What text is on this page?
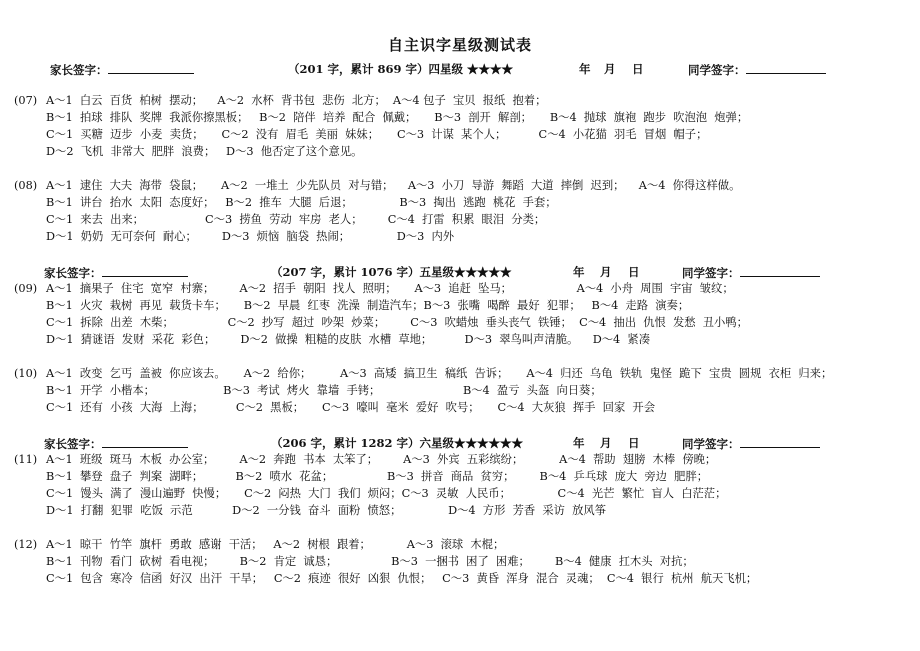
自主识字星级测试表
家长签字：	（201 字，累计 869 字）四星级 ★★★★	年 月 日	同学签字：
(07) A～1  白云  百货  柏树  摆动；    A～2  水杯  背书包  悲伤  北方；  A～4 包子  宝贝  报纸  抱着；
B～1  拍球  排队  奖牌  我派你擦黑板；   B～2  陪伴  培养  配合  佩戴；     B～3  剖开  解剖；     B～4  抛球  旗袍  跑步  吹泡泡  炮弹；
C～1  买糖  迈步  小麦  卖货；     C～2  没有  眉毛  美丽  妹妹；     C～3  计谋  某个人；         C～4  小花猫  羽毛  冒烟  帽子；
D～2  飞机  非常大  肥胖  浪费；   D～3  他否定了这个意见。
(08) A～1  逮住  大夫  海带  袋鼠；     A～2  一堆土  少先队员  对与错；    A～3  小刀  导游  舞蹈  大道  摔倒  迟到；    A～4  你得这样做。
B～1  讲台  抬水  太阳  态度好；   B～2  推车  大腿  后退；             B～3  掏出  逃跑  桃花  手套；
C～1  来去  出来；                 C～3  捞鱼  劳动  牢房  老人；       C～4  打雷  积累  眼泪  分类；
D～1  奶奶  无可奈何  耐心；       D～3  烦恼  脑袋  热闹；             D～3  内外
家长签字：	（207 字，累计 1076 字）五星级★★★★★	年 月 日	同学签字：
(09) A～1  摘果子  住宅  宽窄  村寨；       A～2  招手  朝阳  找人  照明；     A～3  追赶  坠马；                  A～4  小舟  周围  宇宙  皱纹；
B～1  火灾  栽树  再见  载货卡车；     B～2  早晨  红枣  洗澡  制造汽车；B～3  张嘴  喝醉  最好  犯罪；   B～4  走路  演奏；
C～1  拆除  出差  木柴；               C～2  抄写  超过  吵架  炒菜；       C～3  吹蜡烛  垂头丧气  铁锤；  C～4  抽出  仇恨  发愁  丑小鸭；
D～1  猜谜语  发财  采花  彩色；       D～2  做操  粗糙的皮肤  水槽  草地；         D～3  翠鸟叫声清脆。    D～4  紧凑
(10) A～1  改变  乞丐  盖被  你应该去。     A～2  给你；        A～3  高矮  搞卫生  稿纸  告诉；     A～4  归还  乌龟  铁轨  鬼怪  跪下  宝贵  圆规  衣柜  归来；
B～1  开学  小楷本；                   B～3  考试  烤火  靠墙  手铐；                       B～4  盈亏  头盔  向日葵；
C～1  还有  小孩  大海  上海；         C～2  黑板；     C～3  嚎叫  毫米  爱好  吹号；     C～4  大灰狼  挥手  回家  开会
家长签字：	（206 字，累计 1282 字）六星级★★★★★★	年 月 日	同学签字：
(11) A～1  班级  斑马  木板  办公室；       A～2  奔跑  书本  太笨了；       A～3  外宾  五彩缤纷；          A～4  帮助  翅膀  木棒  傍晚；
B～1  攀登  盘子  判案  湖畔；         B～2  喷水  花盆；               B～3  拼音  商品  贫穷；       B～4  乒乓球  庞大  旁边  肥胖；
C～1  馒头  满了  漫山遍野  快慢；     C～2  闷热  大门  我们  烦闷；C～3  灵敏  人民币；             C～4  光芒  繁忙  盲人  白茫茫；
D～1  打翻  犯罪  吃饭  示范           D～2  一分钱  奋斗  面粉  愤怒；             D～4  方形  芳香  采访  放风筝
(12) A～1  晾干  竹竿  旗杆  勇敢  感谢  干活；   A～2  树根  跟着；          A～3  滚球  木棍；
B～1  刊物  看门  砍树  看电视；       B～2  肯定  诚恳；               B～3  一捆书  困了  困难；       B～4  健康  扛木头  对抗；
C～1  包含  寒冷  信函  好汉  出汗  干旱；   C～2  痕迹  很好  凶狠  仇恨；   C～3  黄昏  浑身  混合  灵魂；  C～4  银行  杭州  航天飞机；
